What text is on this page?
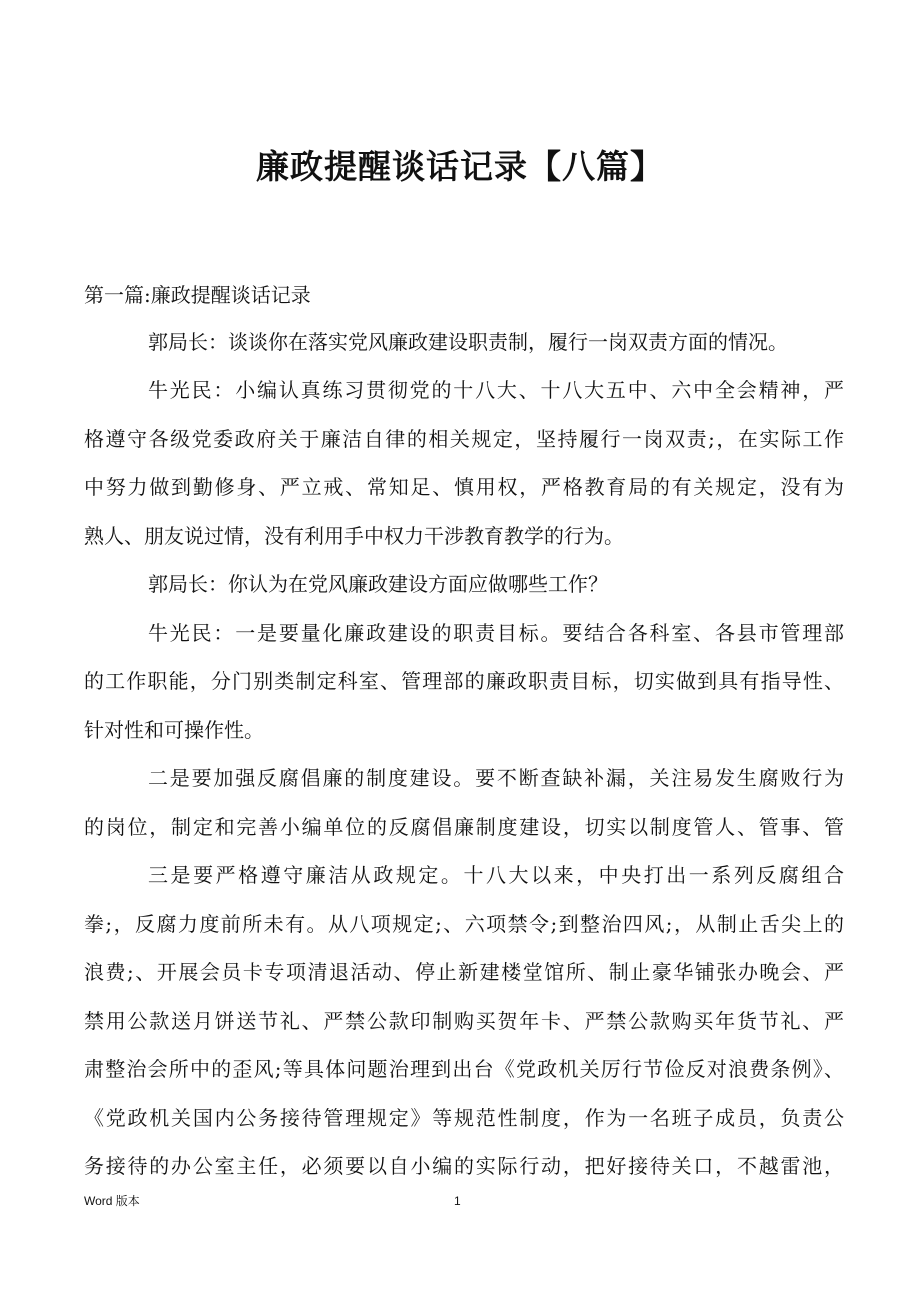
廉政提醒谈话记录【八篇】
第一篇:廉政提醒谈话记录
郭局长：谈谈你在落实党风廉政建设职责制，履行一岗双责方面的情况。
牛光民：小编认真练习贯彻党的十八大、十八大五中、六中全会精神，严
格遵守各级党委政府关于廉洁自律的相关规定，坚持履行一岗双责;，在实际工作
中努力做到勤修身、严立戒、常知足、慎用权，严格教育局的有关规定，没有为
熟人、朋友说过情，没有利用手中权力干涉教育教学的行为。
郭局长：你认为在党风廉政建设方面应做哪些工作？
牛光民：一是要量化廉政建设的职责目标。要结合各科室、各县市管理部
的工作职能，分门别类制定科室、管理部的廉政职责目标，切实做到具有指导性、
针对性和可操作性。
二是要加强反腐倡廉的制度建设。要不断查缺补漏，关注易发生腐败行为
的岗位，制定和完善小编单位的反腐倡廉制度建设，切实以制度管人、管事、管
三是要严格遵守廉洁从政规定。十八大以来，中央打出一系列反腐组合
拳;，反腐力度前所未有。从八项规定;、六项禁令;到整治四风;，从制止舌尖上的
浪费;、开展会员卡专项清退活动、停止新建楼堂馆所、制止豪华铺张办晚会、严
禁用公款送月饼送节礼、严禁公款印制购买贺年卡、严禁公款购买年货节礼、严
肃整治会所中的歪风;等具体问题治理到出台《党政机关厉行节俭反对浪费条例》、
《党政机关国内公务接待管理规定》等规范性制度，作为一名班子成员，负责公
务接待的办公室主任，必须要以自小编的实际行动，把好接待关口，不越雷池，
Word 版本	1
